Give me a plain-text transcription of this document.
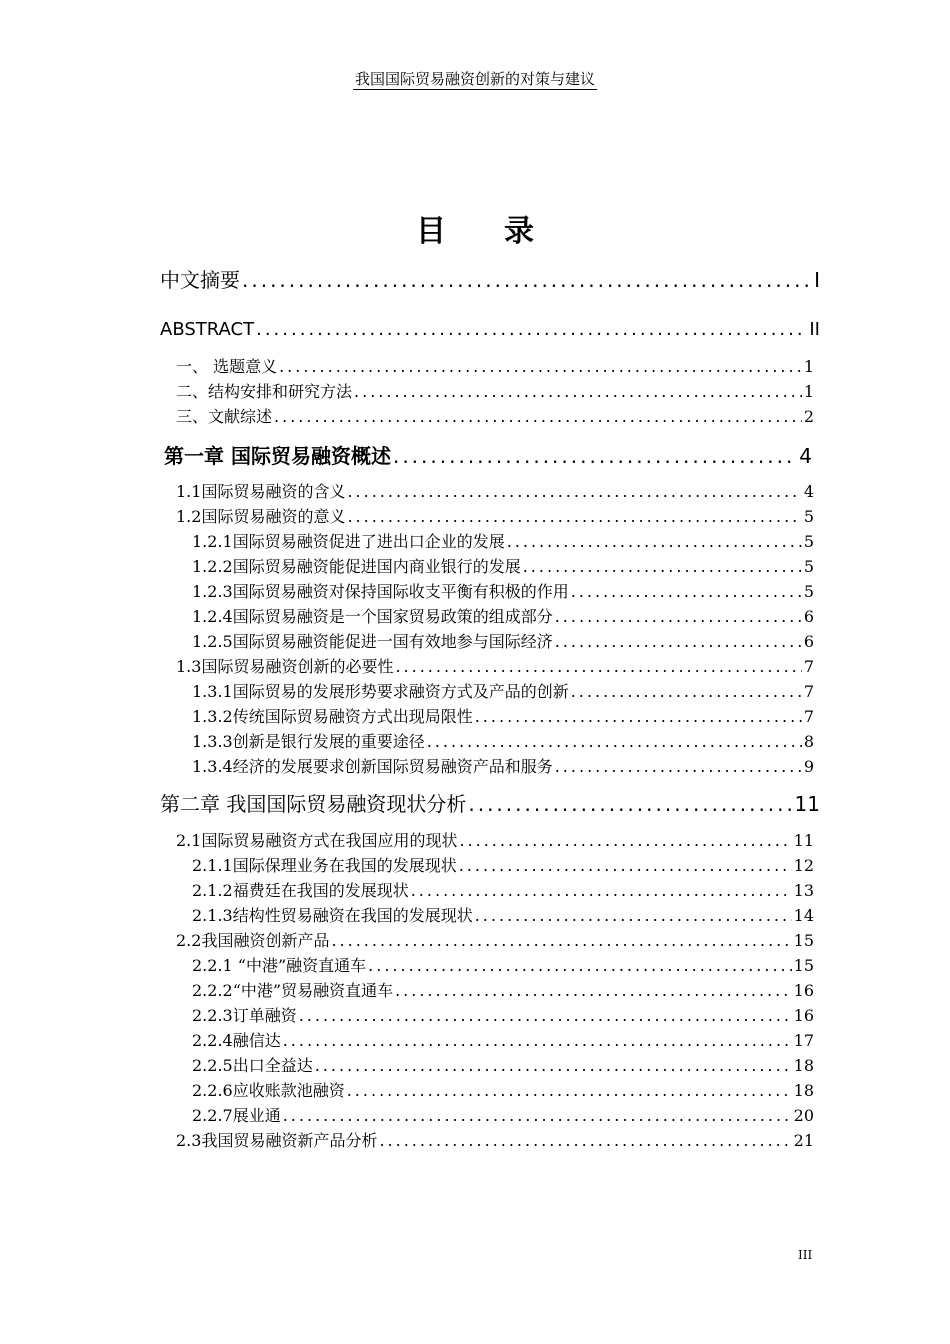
我国国际贸易融资创新的对策与建议
目录
中文摘要 .....	I
ABSTRACT .....	II
一、 选题意义 .....	1
二、结构安排和研究方法 .....	1
三、文献综述 .....	2
第一章 国际贸易融资概述 .....	4
1.1国际贸易融资的含义 .....	4
1.2国际贸易融资的意义 .....	5
1.2.1国际贸易融资促进了进出口企业的发展 .....	5
1.2.2国际贸易融资能促进国内商业银行的发展 .....	5
1.2.3国际贸易融资对保持国际收支平衡有积极的作用 .....	5
1.2.4国际贸易融资是一个国家贸易政策的组成部分 .....	6
1.2.5国际贸易融资能促进一国有效地参与国际经济 .....	6
1.3国际贸易融资创新的必要性 .....	7
1.3.1国际贸易的发展形势要求融资方式及产品的创新 .....	7
1.3.2传统国际贸易融资方式出现局限性 .....	7
1.3.3创新是银行发展的重要途径 .....	8
1.3.4经济的发展要求创新国际贸易融资产品和服务 .....	9
第二章 我国国际贸易融资现状分析 .....	11
2.1国际贸易融资方式在我国应用的现状 .....	11
2.1.1国际保理业务在我国的发展现状 .....	12
2.1.2福费廷在我国的发展现状 .....	13
2.1.3结构性贸易融资在我国的发展现状 .....	14
2.2我国融资创新产品 .....	15
2.2.1 “中港”融资直通车 .....	15
2.2.2“中港”贸易融资直通车 .....	16
2.2.3订单融资 .....	16
2.2.4融信达 .....	17
2.2.5出口全益达 .....	18
2.2.6应收账款池融资 .....	18
2.2.7展业通 .....	20
2.3我国贸易融资新产品分析 .....	21
III
